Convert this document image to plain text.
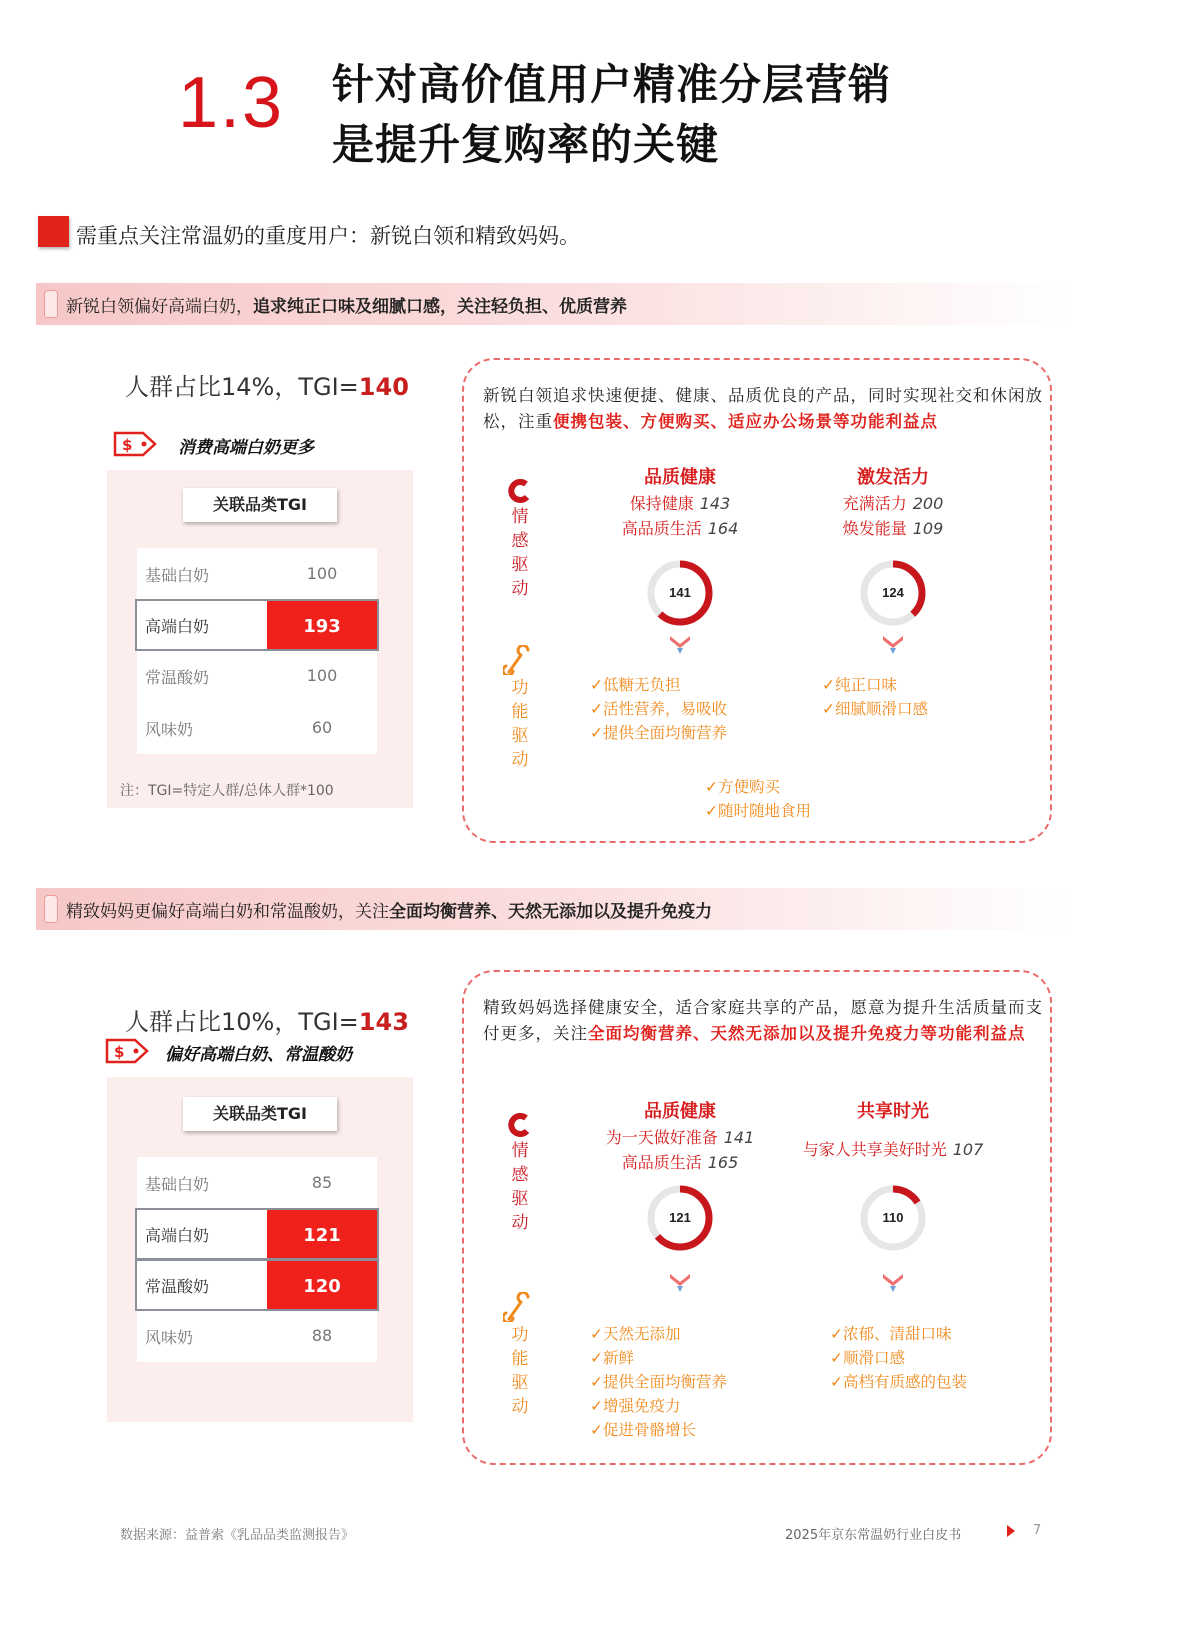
1.3 针对高价值用户精准分层营销
是提升复购率的关键
需重点关注常温奶的重度用户：新锐白领和精致妈妈。
新锐白领偏好高端白奶， 追求纯正口味及细腻口感，关注轻负担、优质营养
精致妈妈更偏好高端白奶和常温酸奶，关注 全面均衡营养、天然无添加以及提升免疫力
人群占比14%，TGI=140
$	消费高端白奶更多
关联品类TGI
基础白奶	100
高端白奶	193
常温酸奶	100
风味奶	60
注：TGI=特定人群/总体人群*100
新锐白领追求快速便捷、健康、品质优良的产品，同时实现社交和休闲放松，注重便携包装、方便购买、适应办公场景等功能利益点
情感驱动
功能驱动
品质健康
保持健康 143
高品质生活 164
141
✓低糖无负担
✓活性营养，易吸收
✓提供全面均衡营养
激发活力
充满活力 200
焕发能量 109
124
✓纯正口味
✓细腻顺滑口感
✓方便购买
✓随时随地食用
人群占比10%，TGI=143
$ 偏好高端白奶、常温酸奶
关联品类TGI
基础白奶	85
高端白奶	121
常温酸奶	120
风味奶	88
精致妈妈选择健康安全，适合家庭共享的产品，愿意为提升生活质量而支付更多，关注全面均衡营养、天然无添加以及提升免疫力等功能利益点
情感驱动
功能驱动
品质健康
为一天做好准备 141
高品质生活 165
121
✓天然无添加
✓新鲜
✓提供全面均衡营养
✓增强免疫力
✓促进骨骼增长
共享时光
与家人共享美好时光 107
110
✓浓郁、清甜口味
✓顺滑口感
✓高档有质感的包装
数据来源：益普索《乳品品类监测报告》	2025年京东常温奶行业白皮书	7
